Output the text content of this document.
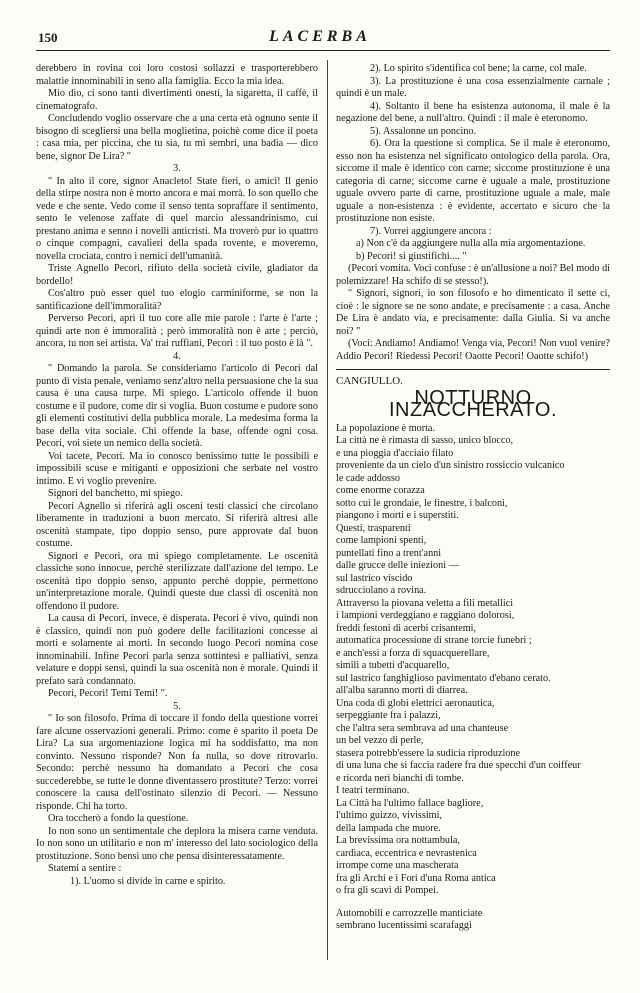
150	LACERBA

derebbero in rovina coi loro costosi sollazzi e trasporterebbero malattie innominabili in seno alla famiglia. Ecco la mia idea.

Mio dio, ci sono tanti divertimenti onesti, la sigaretta, il caffè, il cinematografo.

Concludendo voglio osservare che a una certa età ognuno sente il bisogno di scegliersi una bella moglietina, poichè come dice il poeta : casa mia, per piccina, che tu sia, tu mi sembri, una badia — dico bene, signor De Lira? "

3.

" In alto il core, signor Anacleto! State fieri, o amici! Il genio della stirpe nostra non è morto ancora e mai morrà. Io son quello che vede e che sente. Vedo come il senso tenta sopraffare il sentimento, sento le velenose zaffate di quel marcio alessandrinismo, cui prestano anima e senno i novelli anticristi. Ma troverò pur io quattro o cinque compagni, cavalieri della spada rovente, e moveremo, novella crociata, contro i nemici dell'umanità.

Triste Agnello Pecori, rifiuto della società civile, gladiator da bordello!

Cos'altro può esser quel tuo elogio carminiforme, se non la santificazione dell'immoralità?

Perverso Pecori, apri il tuo core alle mie parole : l'arte è l'arte ; quindi arte non è immoralità ; però immoralità non è arte ; perciò, ancora, tu non sei artista. Va' trai ruffiani, Pecori : il tuo posto è là ".

4.

" Domando la parola. Se consideriamo l'articolo di Pecori dal punto di vista penale, veniamo senz'altro nella persuasione che la sua causa è una causa turpe. Mi spiego. L'articolo offende il buon costume e il pudore, come dir si voglia. Buon costume e pudore sono gli elementi costitutivi della pubblica morale. La medesima forma la base della vita sociale. Chi offende la base, offende ogni cosa. Pecori, voi siete un nemico della società.

Voi tacete, Pecori. Ma io conosco benissimo tutte le possibili e impossibili scuse e mitiganti e opposizioni che serbate nel vostro intimo. E vi voglio prevenire.

Signori del banchetto, mi spiego.

Pecori Agnello si riferirà agli osceni testi classici che circolano liberamente in traduzioni a buon mercato. Si riferirà altresì alle oscenità stampate, tipo doppio senso, pure approvate dal buon costume.

Signori e Pecori, ora mi spiego completamente. Le oscenità classiche sono innocue, perchè sterilizzate dall'azione del tempo. Le oscenità tipo doppio senso, appunto perchè doppie, permettono un'interpretazione morale. Quindi queste due classi di oscenità non offendono il pudore.

La causa di Pecori, invece, è disperata. Pecori è vivo, quindi non è classico, quindi non può godere delle facilitazioni concesse ai morti e solamente ai morti. In secondo luogo Pecori nomina cose innominabili. Infine Pecori parla senza sottintesi e palliativi, senza velature e doppi sensi, quindi la sua oscenità non è morale. Quindi il prefato sarà condannato.

Pecori, Pecori! Temi Temi! ".

5.

" Io son filosofo. Prima di toccare il fondo della questione vorrei fare alcune osservazioni generali. Primo: come è sparito il poeta De Lira? La sua argomentazione logica mi ha soddisfatto, ma non convinto. Nessuno risponde? Non fa nulla, so dove ritrovarlo. Secondo: perchè nessuno ha domandato a Pecori che cosa succederebbe, se tutte le donne diventassero prostitute? Terzo: vorrei conoscere la causa dell'ostinato silenzio di Pecori. — Nessuno risponde. Chi ha torto.

Ora toccherò a fondo la questione.

Io non sono un sentimentale che deplora la misera carne venduta. Io non sono un utilitario e non m' interesso del lato sociologico della prostituzione. Sono bensì uno che pensa disinteressatamente.

Statemi a sentire :

1). L'uomo si divide in carne e spirito.

2). Lo spirito s'identifica col bene; la carne, col male.

3). La prostituzione è una cosa essenzialmente carnale ; quindi è un male.

4). Soltanto il bene ha esistenza autonoma, il male è la negazione del bene, a null'altro. Quindi : il male è eteronomo.

5). Assalonne un poncino.

6). Ora la questione si complica. Se il male è eteronomo, esso non ha esistenza nel significato ontologico della parola. Ora, siccome il male è identico con carne; siccome prostituzione è una categoria di carne; siccome carne è uguale a male, prostituzione uguale ovvero parte di carne, prostituzione uguale a male, male uguale a non-esistenza : è evidente, accertato e sicuro che la prostituzione non esiste.

7). Vorrei aggiungere ancora :

a) Non c'è da aggiungere nulla alla mia argomentazione.

b) Pecori! si giustifichi.... "

(Pecori vomita. Voci confuse : è un'allusione a noi? Bel modo di polemizzare! Ha schifo di se stesso!).

" Signori, signori, io son filosofo e ho dimenticato il sette ci, cioè : le signore se ne sono andate, e precisamente : a casa. Anche De Lira è andato via, e precisamente: dalla Giulia. Si va anche noi? "

(Voci: Andiamo! Andiamo! Venga via, Pecori! Non vuol venire? Addio Pecori! Riedessi Pecori! Oaotte Pecori! Oaotte schifo!)

CANGIULLO.
NOTTURNO INZACCHERATO.
La popolazione è morta.
La città ne è rimasta di sasso, unico blocco,
e una pioggia d'acciaio filato
proveniente da un cielo d'un sinistro rossiccio vulcanico
le cade addosso
come enorme corazza
sotto cui le grondaie, le finestre, i balconi,
piangono i morti e i superstiti.
Questi, trasparenti
come lampioni spenti,
puntellati fino a trent'anni
dalle grucce delle iniezioni —
sul lastrico viscido
sdrucciolano a rovina.
Attraverso la piovana veletta a fili metallici
i lampioni verdeggiano e raggiano dolorosi,
freddi festoni di acerbi crisantemi,
automatica processione di strane torcie funebri ;
e anch'essi a forza di squacquerellare,
simili a tubetti d'acquarello,
sul lastrico fanghiglioso pavimentato d'ebano cerato.
all'alba saranno morti di diarrea.
Una coda di globi elettrici aeronautica,
serpeggiante fra i palazzi,
che l'altra sera sembrava ad una chanteuse
un bel vezzo di perle,
stasera potrebb'essere la sudicia riproduzione
di una luna che si faccia radere fra due specchi d'un coiffeur
e ricorda neri bianchi di tombe.
I teatri terminano.
La Città ha l'ultimo fallace bagliore,
l'ultimo guizzo, vivissimi,
della lampada che muore.
La brevissima ora nottambula,
cardiaca, eccentrica e nevrastenica
irrompe come una mascherata
fra gli Archi e i Fori d'una Roma antica
o fra gli scavi di Pompei.
Automobili e carrozzelle manticiate
sembrano lucentissimi scarafaggi
